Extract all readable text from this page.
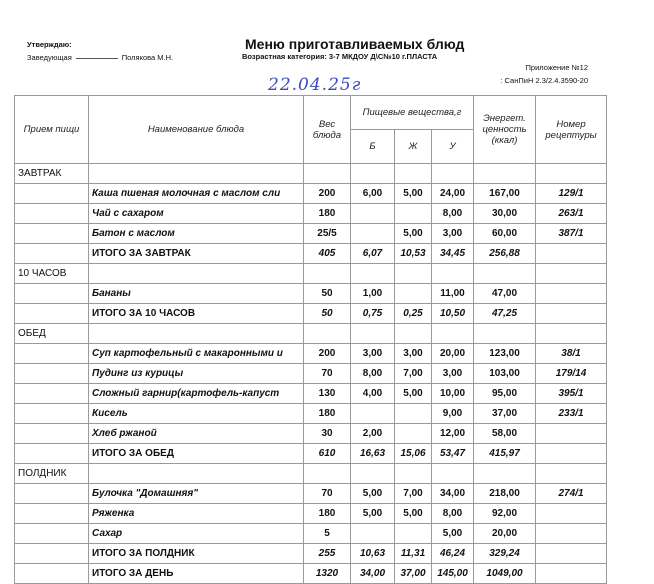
Утверждаю:
Заведующая	Полякова М.Н.
Меню приготавливаемых блюд
Возрастная категория: 3-7 МКДОУ Д\С№10 г.ПЛАСТА
Приложение №12
: СанПиН 2.3/2.4.3590-20
22.04.25г
Прием пищи	Наименование блюда	Вес блюда	Пищевые вещества,г			Энергет. ценность (ккал)	Номер рецептуры
			Б	Ж	У		
ЗАВТРАК							
	Каша пшеная молочная с маслом сли	200	6,00	5,00	24,00	167,00	129/1
	Чай с сахаром	180			8,00	30,00	263/1
	Батон с маслом	25/5		5,00	3,00	60,00	387/1
	ИТОГО ЗА ЗАВТРАК	405	6,07	10,53	34,45	256,88	
10 ЧАСОВ							
	Бананы	50	1,00		11,00	47,00	
	ИТОГО ЗА 10 ЧАСОВ	50	0,75	0,25	10,50	47,25	
ОБЕД							
	Суп картофельный с макаронными и	200	3,00	3,00	20,00	123,00	38/1
	Пудинг из курицы	70	8,00	7,00	3,00	103,00	179/14
	Сложный гарнир(картофель-капуст	130	4,00	5,00	10,00	95,00	395/1
	Кисель	180			9,00	37,00	233/1
	Хлеб ржаной	30	2,00		12,00	58,00	
	ИТОГО ЗА ОБЕД	610	16,63	15,06	53,47	415,97	
ПОЛДНИК							
	Булочка "Домашняя"	70	5,00	7,00	34,00	218,00	274/1
	Ряженка	180	5,00	5,00	8,00	92,00	
	Сахар	5			5,00	20,00	
	ИТОГО ЗА ПОЛДНИК	255	10,63	11,31	46,24	329,24	
	ИТОГО ЗА ДЕНЬ	1320	34,00	37,00	145,00	1049,00	
